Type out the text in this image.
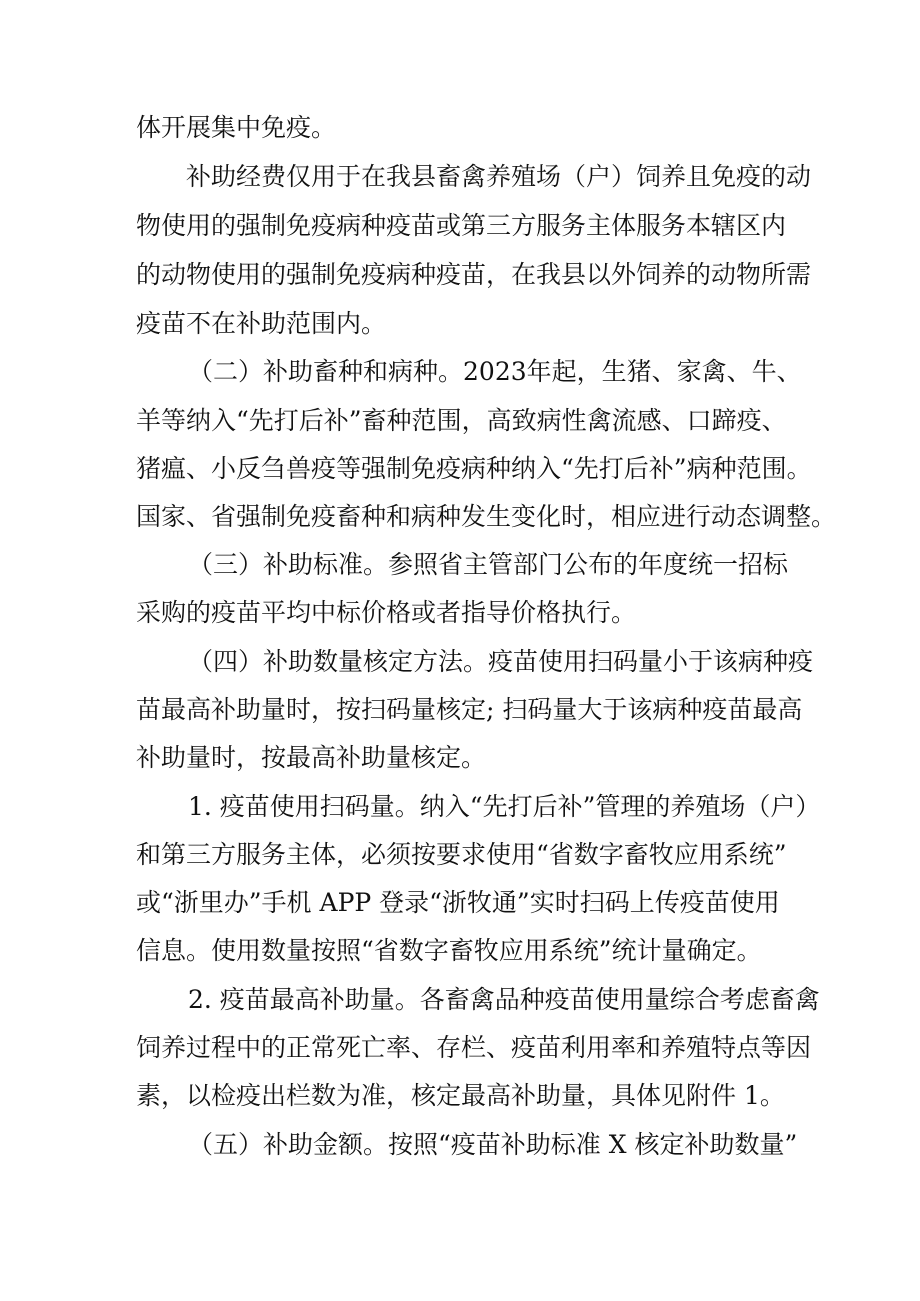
体开展集中免疫。
补助经费仅用于在我县畜禽养殖场（户）饲养且免疫的动
物使用的强制免疫病种疫苗或第三方服务主体服务本辖区内
的动物使用的强制免疫病种疫苗，在我县以外饲养的动物所需
疫苗不在补助范围内。
（二）补助畜种和病种。2023年起，生猪、家禽、牛、
羊等纳入“先打后补”畜种范围，高致病性禽流感、口蹄疫、
猪瘟、小反刍兽疫等强制免疫病种纳入“先打后补”病种范围。
国家、省强制免疫畜种和病种发生变化时，相应进行动态调整。
（三）补助标准。参照省主管部门公布的年度统一招标
采购的疫苗平均中标价格或者指导价格执行。
（四）补助数量核定方法。疫苗使用扫码量小于该病种疫
苗最高补助量时，按扫码量核定; 扫码量大于该病种疫苗最高
补助量时，按最高补助量核定。
1. 疫苗使用扫码量。纳入“先打后补”管理的养殖场（户）
和第三方服务主体，必须按要求使用“省数字畜牧应用系统”
或“浙里办”手机 APP 登录“浙牧通”实时扫码上传疫苗使用
信息。使用数量按照“省数字畜牧应用系统”统计量确定。
2. 疫苗最高补助量。各畜禽品种疫苗使用量综合考虑畜禽
饲养过程中的正常死亡率、存栏、疫苗利用率和养殖特点等因
素，以检疫出栏数为准，核定最高补助量，具体见附件 1。
（五）补助金额。按照“疫苗补助标准 X 核定补助数量”
